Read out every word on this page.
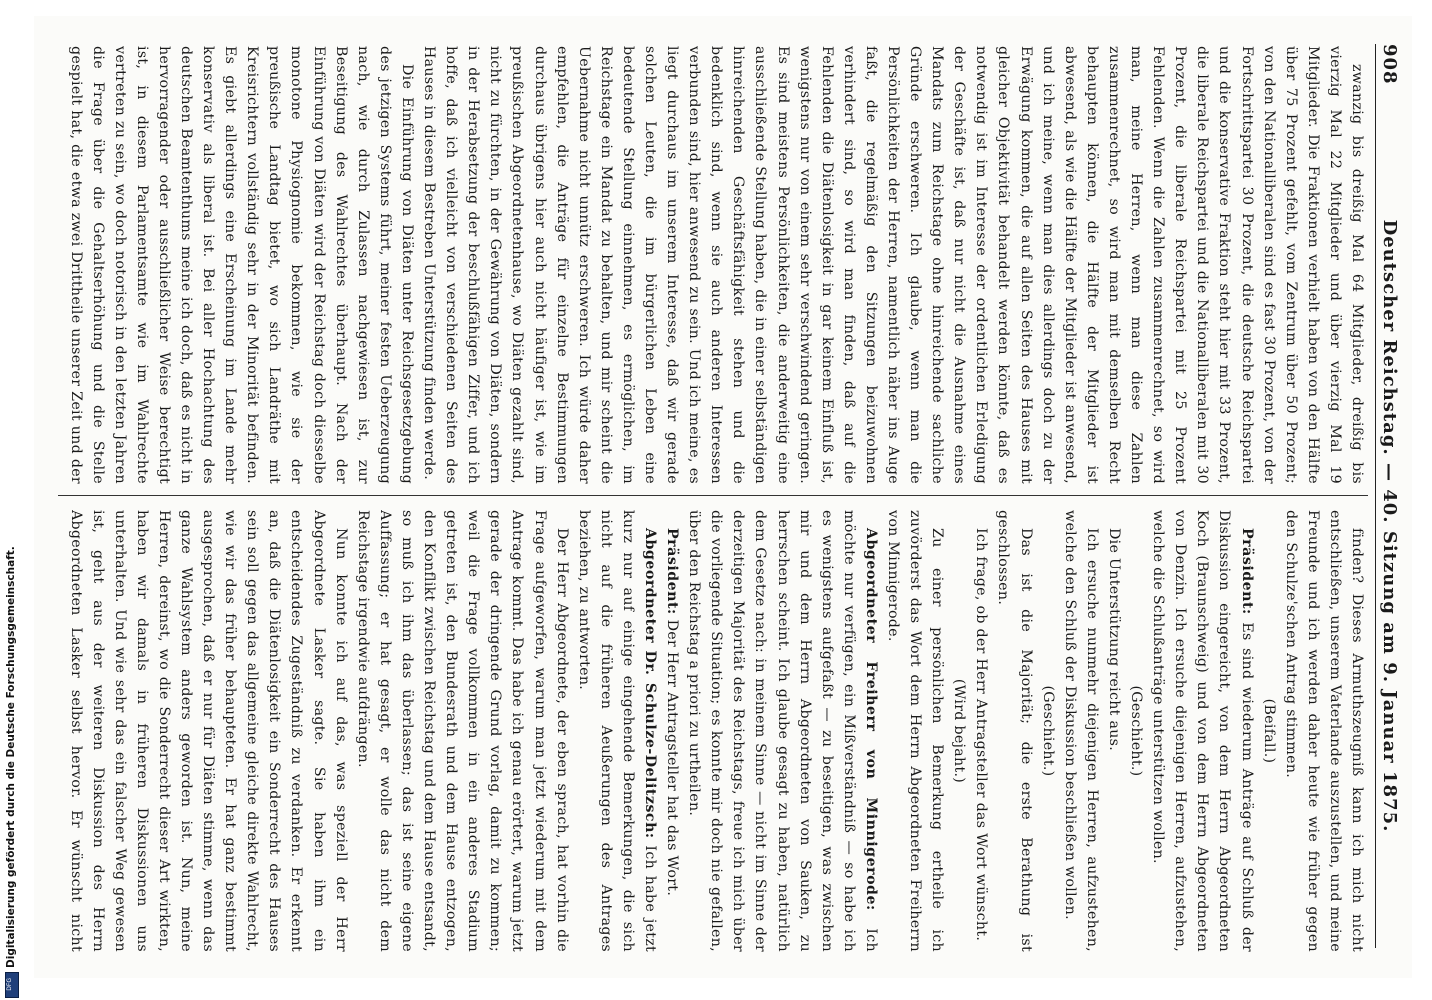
908
Deutscher Reichstag. — 40. Sitzung am 9. Januar 1875.

zwanzig bis dreißig Mal 64 Mitglieder, dreißig bis vierzig Mal 22 Mitglieder und über vierzig Mal 19 Mitglieder. Die Fraktionen verhielt haben von den Hälfte über 75 Prozent gefehlt, vom Zentrum über 50 Prozent; von den Nationalliberalen sind es fast 30 Prozent, von der Fortschrittspartei 30 Prozent, die deutsche Reichspartei und die konservative Fraktion steht hier mit 33 Prozent, die liberale Reichspartei und die Nationalliberalen mit 30 Prozent, die liberale Reichspartei mit 25 Prozent Fehlenden. Wenn die Zahlen zusammenrechnet, so wird man, meine Herren, wenn man diese Zahlen zusammenrechnet, so wird man mit demselben Recht behaupten können, die Hälfte der Mitglieder ist abwesend, als wie die Hälfte der Mitglieder ist anwesend, und ich meine, wenn man dies allerdings doch zu der Erwägung kommen, die auf allen Seiten des Hauses mit gleicher Objektivität behandelt werden könnte, daß es notwendig ist im Interesse der ordentlichen Erledigung der Geschäfte ist, daß nur nicht die Ausnahme eines Mandats zum Reichstage ohne hinreichende sachliche Gründe erschweren. Ich glaube, wenn man die Persönlichkeiten der Herren, namentlich näher ins Auge faßt, die regelmäßig den Sitzungen beizuwohnen verhindert sind, so wird man finden, daß auf die Fehlenden die Diätenlosigkeit in gar keinem Einfluß ist, wenigstens nur von einem sehr verschwindend geringen. Es sind meistens Persönlichkeiten, die anderweitig eine ausschließende Stellung haben, die in einer selbständigen hinreichenden Geschäftsfähigkeit stehen und die bedenklich sind, wenn sie auch anderen Interessen verbunden sind, hier anwesend zu sein. Und ich meine, es liegt durchaus im unserem Interesse, daß wir gerade solchen Leuten, die im bürgerlichen Leben eine bedeutende Stellung einnehmen, es ermöglichen, im Reichstage ein Mandat zu behalten, und mir scheint die Uebernahme nicht unnütz erschweren. Ich würde daher empfehlen, die Anträge für einzelne Bestimmungen durchaus übrigens hier auch nicht häufiger ist, wie im preußischen Abgeordnetenhause, wo Diäten gezahlt sind, nicht zu fürchten, in der Gewährung von Diäten, sondern in der Herabsetzung der beschlußfähigen Ziffer, und ich hoffe, daß ich vielleicht von verschiedenen Seiten des Hauses in diesem Bestreben Unterstützung finden werde.

Die Einführung von Diäten unter Reichsgesetzgebung des jetzigen Systems führt, meiner festen Ueberzeugung nach, wie durch Zulassen nachgewiesen ist, zur Beseitigung des Wahlrechtes überhaupt. Nach der Einführung von Diäten wird der Reichstag doch diesselbe monotone Physiognomie bekommen, wie sie der preußische Landtag bietet, wo sich Landräthe mit Kreisrichtern vollständig sehr in der Minorität befinden. Es giebt allerdings eine Erscheinung im Lande mehr konservativ als liberal ist. Bei aller Hochachtung des deutschen Beamtenthums meine ich doch, daß es nicht in hervorragender oder ausschließlicher Weise berechtigt ist, in diesem Parlamentsamte wie im Wahlrechte vertreten zu sein, wo doch notorisch in den letzten Jahren die Frage über die Gehaltserhöhung und die Stelle gespielt hat, die etwa zwei Drittheile unserer Zeit und der

finden? Dieses Armuthszeugniß kann ich mich nicht entschließen, unserem Vaterlande auszustellen, und meine Freunde und ich werden daher heute wie früher gegen den Schulze'schen Antrag stimmen.

(Beifall.)

Präsident: Es sind wiederum Anträge auf Schluß der Diskussion eingereicht, von dem Herrn Abgeordneten Koch (Braunschweig) und von dem Herrn Abgeordneten von Denzin. Ich ersuche diejenigen Herren, aufzustehen, welche die Schlußanträge unterstützen wollen.

(Geschieht.)

Die Unterstützung reicht aus.

Ich ersuche nunmehr diejenigen Herren, aufzustehen, welche den Schluß der Diskussion beschließen wollen.

(Geschieht.)

Das ist die Majorität; die erste Berathung ist geschlossen.

Ich frage, ob der Herr Antragsteller das Wort wünscht.

(Wird bejaht.)

Zu einer persönlichen Bemerkung ertheile ich zuvörderst das Wort dem Herrn Abgeordneten Freiherrn von Minnigerode.

Abgeordneter Freiherr von Minnigerode: Ich möchte nur verfügen, ein Mißverständniß — so habe ich es wenigstens aufgefaßt — zu beseitigen, was zwischen mir und dem Herrn Abgeordneten von Sauken, zu herrschen scheint. Ich glaube gesagt zu haben, natürlich dem Gesetze nach: in meinem Sinne — nicht im Sinne der derzeitigen Majorität des Reichstags, freue ich mich über die vorliegende Situation; es konnte mir doch nie gefallen, über den Reichstag a priori zu urtheilen.

Präsident: Der Herr Antragsteller hat das Wort.

Abgeordneter Dr. Schulze-Delitzsch: Ich habe jetzt kurz nur auf einige eingehende Bemerkungen, die sich nicht auf die früheren Aeußerungen des Antrages beziehen, zu antworten.

Der Herr Abgeordnete, der eben sprach, hat vorhin die Frage aufgeworfen, warum man jetzt wiederum mit dem Antrage kommt. Das habe ich genau erörtert, warum jetzt gerade der dringende Grund vorlag, damit zu kommen; weil die Frage vollkommen in ein anderes Stadium getreten ist, den Bundesrath und dem Hause entzogen, den Konflikt zwischen Reichstag und dem Hause entsandt, so muß ich ihm das überlassen; das ist seine eigene Auffassung; er hat gesagt, er wolle das nicht dem Reichstage irgendwie aufdrängen.

Nun konnte ich auf das, was speziell der Herr Abgeordnete Lasker sagte. Sie haben ihm ein entscheidendes Zugeständniß zu verdanken. Er erkennt an, daß die Diätenlosigkeit ein Sonderrecht des Hauses sein soll gegen das allgemeine gleiche direkte Wahlrecht, wie wir das früher behaupteten. Er hat ganz bestimmt ausgesprochen, daß er nur für Diäten stimme, wenn das ganze Wahlsystem anders geworden ist. Nun, meine Herren, dereinst, wo die Sonderrecht dieser Art wirkten, haben wir damals in früheren Diskussionen uns unterhalten. Und wie sehr das ein falscher Weg gewesen ist, geht aus der weiteren Diskussion des Herrn Abgeordneten Lasker selbst hervor. Er wünscht nicht

Digitalisierung gefördert durch die Deutsche Forschungsgemeinschaft.
DFG
